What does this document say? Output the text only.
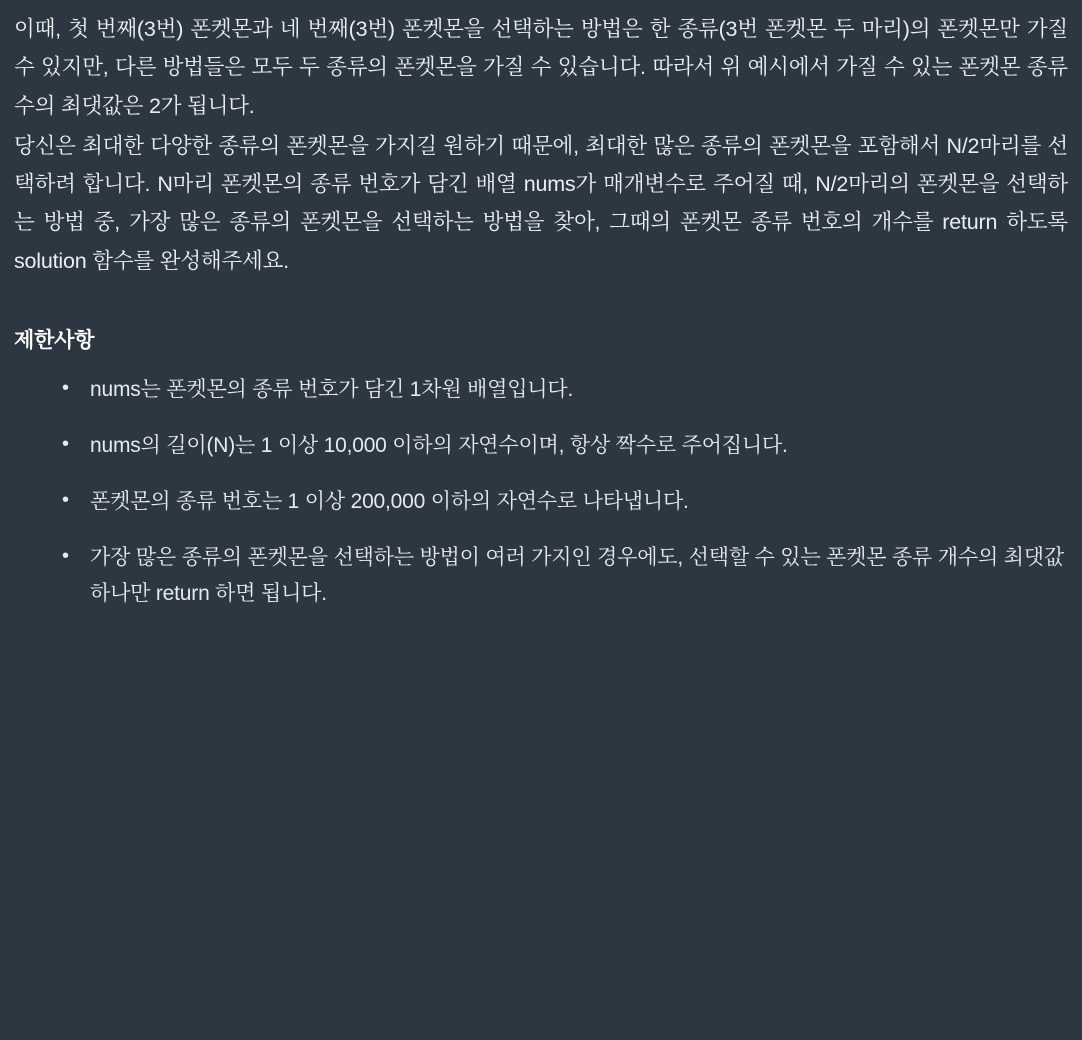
이때, 첫 번째(3번) 폰켓몬과 네 번째(3번) 폰켓몬을 선택하는 방법은 한 종류(3번 폰켓몬 두 마리)의 폰켓몬만 가질 수 있지만, 다른 방법들은 모두 두 종류의 폰켓몬을 가질 수 있습니다. 따라서 위 예시에서 가질 수 있는 폰켓몬 종류 수의 최댓값은 2가 됩니다.

당신은 최대한 다양한 종류의 폰켓몬을 가지길 원하기 때문에, 최대한 많은 종류의 폰켓몬을 포함해서 N/2마리를 선택하려 합니다. N마리 폰켓몬의 종류 번호가 담긴 배열 nums가 매개변수로 주어질 때, N/2마리의 폰켓몬을 선택하는 방법 중, 가장 많은 종류의 폰켓몬을 선택하는 방법을 찾아, 그때의 폰켓몬 종류 번호의 개수를 return 하도록 solution 함수를 완성해주세요.

제한사항
• nums는 폰켓몬의 종류 번호가 담긴 1차원 배열입니다.
• nums의 길이(N)는 1 이상 10,000 이하의 자연수이며, 항상 짝수로 주어집니다.
• 폰켓몬의 종류 번호는 1 이상 200,000 이하의 자연수로 나타냅니다.
• 가장 많은 종류의 폰켓몬을 선택하는 방법이 여러 가지인 경우에도, 선택할 수 있는 폰켓몬 종류 개수의 최댓값 하나만 return 하면 됩니다.
